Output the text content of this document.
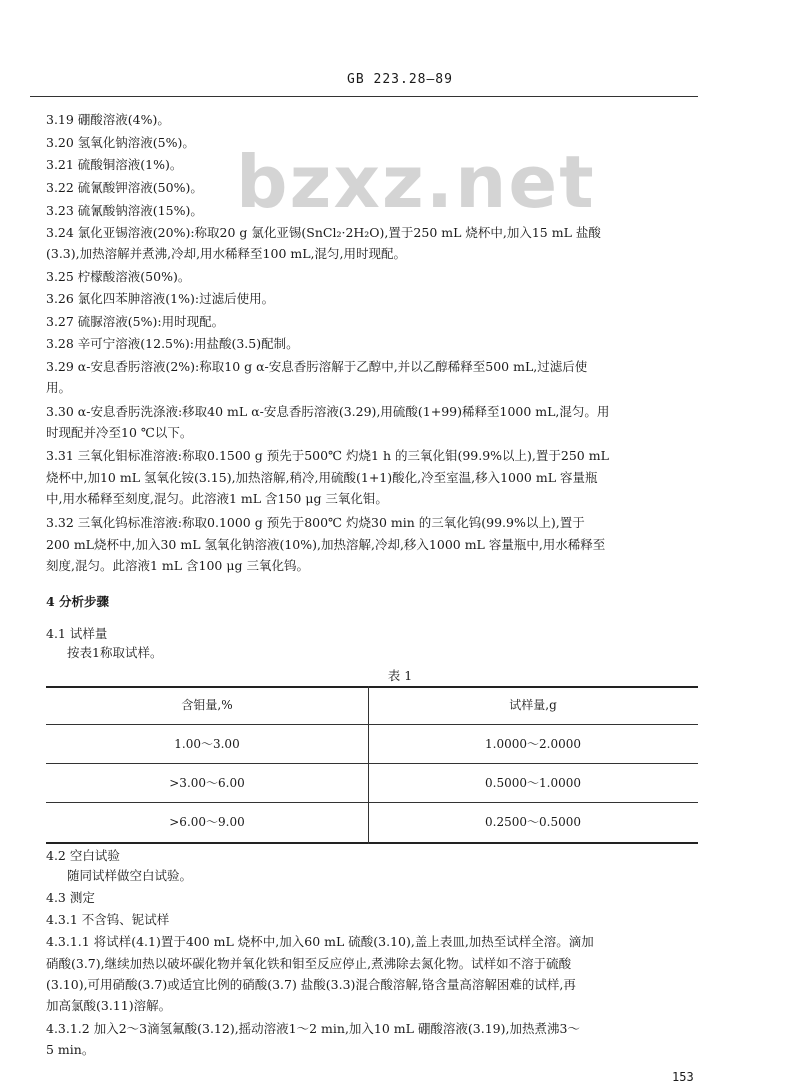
GB 223.28—89
bzxz.net
3.19 硼酸溶液(4%)。
3.20 氢氧化钠溶液(5%)。
3.21 硫酸铜溶液(1%)。
3.22 硫氰酸钾溶液(50%)。
3.23 硫氰酸钠溶液(15%)。
3.24 氯化亚锡溶液(20%):称取20 g 氯化亚锡(SnCl₂·2H₂O),置于250 mL 烧杯中,加入15 mL 盐酸
(3.3),加热溶解并煮沸,冷却,用水稀释至100 mL,混匀,用时现配。
3.25 柠檬酸溶液(50%)。
3.26 氯化四苯胂溶液(1%):过滤后使用。
3.27 硫脲溶液(5%):用时现配。
3.28 辛可宁溶液(12.5%):用盐酸(3.5)配制。
3.29 α-安息香肟溶液(2%):称取10 g α-安息香肟溶解于乙醇中,并以乙醇稀释至500 mL,过滤后使
用。
3.30 α-安息香肟洗涤液:移取40 mL α-安息香肟溶液(3.29),用硫酸(1+99)稀释至1000 mL,混匀。用
时现配并冷至10 ℃以下。
3.31 三氧化钼标准溶液:称取0.1500 g 预先于500℃ 灼烧1 h 的三氧化钼(99.9%以上),置于250 mL
烧杯中,加10 mL 氢氧化铵(3.15),加热溶解,稍冷,用硫酸(1+1)酸化,冷至室温,移入1000 mL 容量瓶
中,用水稀释至刻度,混匀。此溶液1 mL 含150 μg 三氧化钼。
3.32 三氧化钨标准溶液:称取0.1000 g 预先于800℃ 灼烧30 min 的三氧化钨(99.9%以上),置于
200 mL烧杯中,加入30 mL 氢氧化钠溶液(10%),加热溶解,冷却,移入1000 mL 容量瓶中,用水稀释至
刻度,混匀。此溶液1 mL 含100 μg 三氧化钨。
4 分析步骤
4.1 试样量
按表1称取试样。
表 1
含钼量,%	试样量,g
1.00～3.00	1.0000～2.0000
>3.00～6.00	0.5000～1.0000
>6.00～9.00	0.2500～0.5000
4.2 空白试验
随同试样做空白试验。
4.3 测定
4.3.1 不含钨、铌试样
4.3.1.1 将试样(4.1)置于400 mL 烧杯中,加入60 mL 硫酸(3.10),盖上表皿,加热至试样全溶。滴加
硝酸(3.7),继续加热以破坏碳化物并氧化铁和钼至反应停止,煮沸除去氮化物。试样如不溶于硫酸
(3.10),可用硝酸(3.7)或适宜比例的硝酸(3.7) 盐酸(3.3)混合酸溶解,铬含量高溶解困难的试样,再
加高氯酸(3.11)溶解。
4.3.1.2 加入2～3滴氢氟酸(3.12),摇动溶液1～2 min,加入10 mL 硼酸溶液(3.19),加热煮沸3～
5 min。
153
